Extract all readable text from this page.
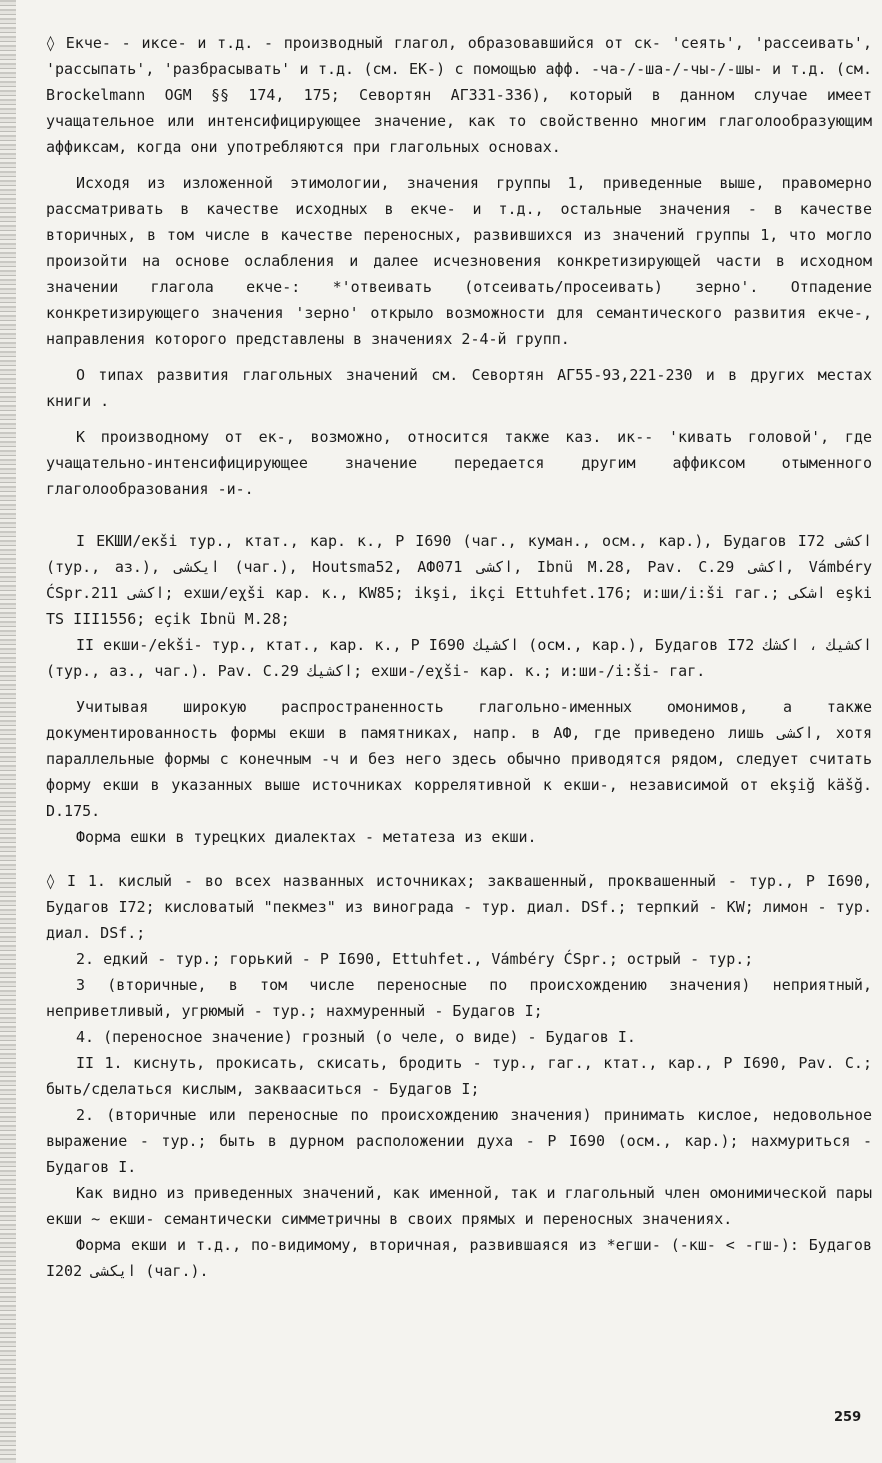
◊ Екче- - иксе- и т.д. - производный глагол, образовавшийся от ск- 'сеять', 'рассеивать', 'рассыпать', 'разбрасывать' и т.д. (см. ЕК-) с помощью афф. -ча-/-ша-/-чы-/-шы- и т.д. (см. Brockelmann OGM §§ 174, 175; Севортян АГ331-336), который в данном случае имеет учащательное или интенсифицирующее значение, как то свойственно многим глаголообразующим аффиксам, когда они употребляются при глагольных основах.

Исходя из изложенной этимологии, значения группы 1, приведенные выше, правомерно рассматривать в качестве исходных в екче- и т.д., остальные значения - в качестве вторичных, в том числе в качестве переносных, развившихся из значений группы 1, что могло произойти на основе ослабления и далее исчезновения конкретизирующей части в исходном значении глагола екче-: *'отвеивать (отсеивать/просеивать) зерно'. Отпадение конкретизирующего значения 'зерно' открыло возможности для семантического развития екче-, направления которого представлены в значениях 2-4-й групп.

О типах развития глагольных значений см. Севортян АГ55-93,221-230 и в других местах книги .

К производному от ек-, возможно, относится также каз. ик-- 'кивать головой', где учащательно-интенсифицирующее значение передается другим аффиксом отыменного глаголообразования -и-.

I ЕКШИ/екšі тур., ктат., кар. к., Р I690 (чаг., куман., осм., кар.), Будагов I72 اكشى (тур., аз.), ايكشى (чаг.), Houtsma52, АФ071 اكشى, Ibnü M.28, Pav. C.29 اكشى, Vámbéry ĆSpr.211 اكشى; ехши/eχši кар. к., KW85; ikşi, ikçi Ettuhfet.176; и:ши/i:ši гаг.; اشكى eşki TS III1556; eçik Ibnü M.28;

II екши-/ekši- тур., ктат., кар. к., Р I690 اكشيك (осм., кар.), Будагов I72 اكشيك ، اكشك (тур., аз., чаг.). Pav. C.29 اكشيك; ехши-/eχši- кар. к.; и:ши-/i:ši- гаг.

Учитывая широкую распространенность глагольно-именных омонимов, а также документированность формы екши в памятниках, напр. в АФ, где приведено лишь اكشى, хотя параллельные формы с конечным -ч и без него здесь обычно приводятся рядом, следует считать форму екши в указанных выше источниках коррелятивной к екши-, независимой от ekşiğ käšğ. D.175.

Форма ешки в турецких диалектах - метатеза из екши.

◊ I 1. кислый - во всех названных источниках; заквашенный, проквашенный - тур., Р I690, Будагов I72; кисловатый "пекмез" из винограда - тур. диал. DSf.; терпкий - KW; лимон - тур. диал. DSf.;

2. едкий - тур.; горький - Р I690, Ettuhfet., Vámbéry ĆSpr.; острый - тур.;

3 (вторичные, в том числе переносные по происхождению значения) неприятный, неприветливый, угрюмый - тур.; нахмуренный - Будагов I;

4. (переносное значение) грозный (о челе, о виде) - Будагов I.

II 1. киснуть, прокисать, скисать, бродить - тур., гаг., ктат., кар., Р I690, Pav. C.; быть/сделаться кислым, заквааситься - Будагов I;

2. (вторичные или переносные по происхождению значения) принимать кислое, недовольное выражение - тур.; быть в дурном расположении духа - Р I690 (осм., кар.); нахмуриться - Будагов I.

Как видно из приведенных значений, как именной, так и глагольный член омонимической пары екши ~ екши- семантически симметричны в своих прямых и переносных значениях.

Форма екши и т.д., по-видимому, вторичная, развившаяся из *егши- (-кш- < -гш-): Будагов I202 ايكشى (чаг.).

259
